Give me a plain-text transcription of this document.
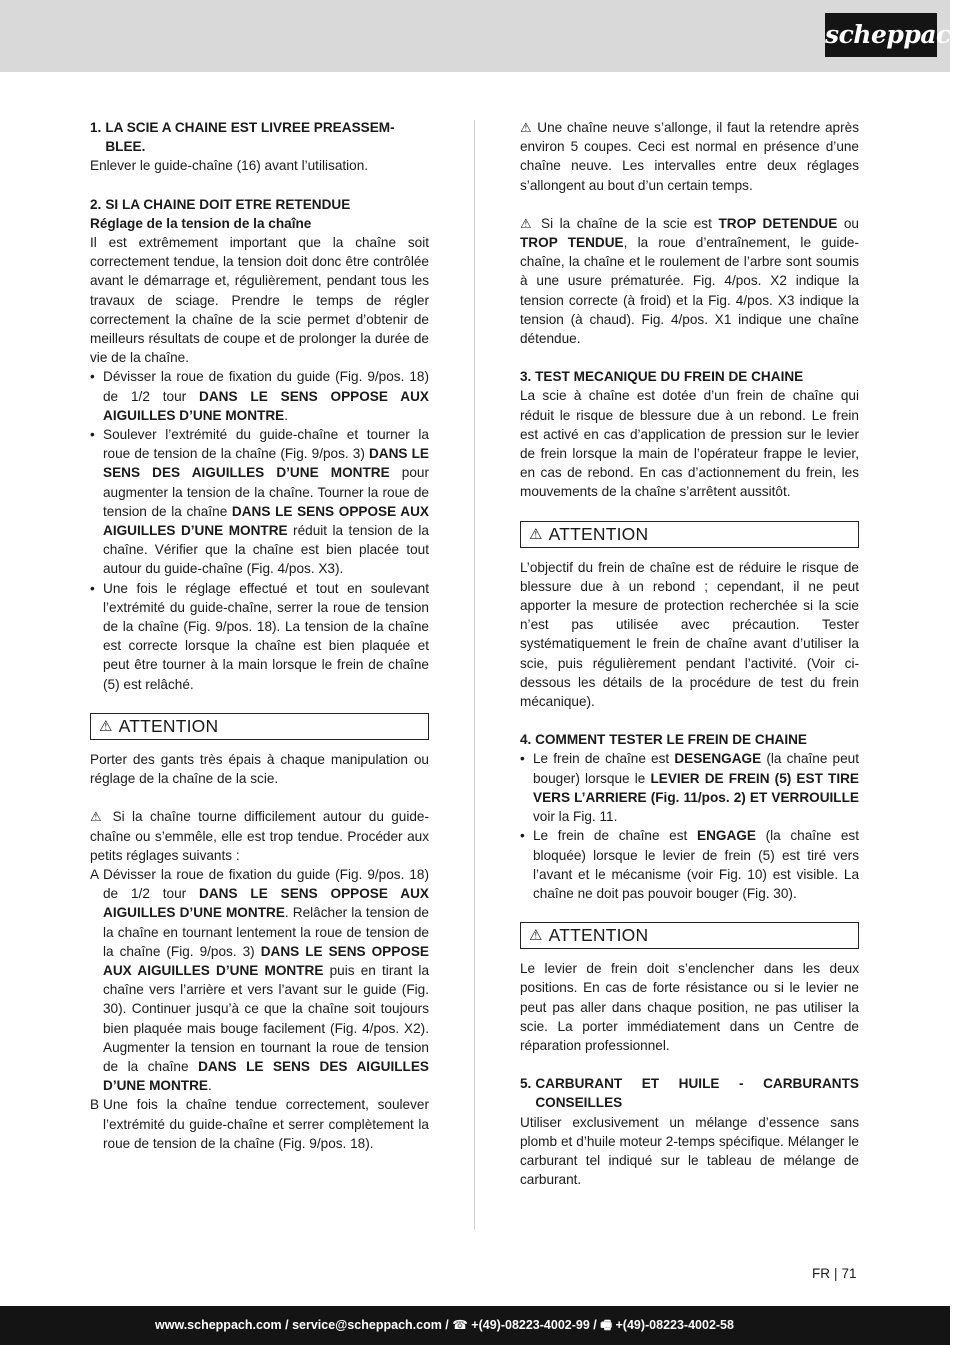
scheppach
1. LA SCIE A CHAINE EST LIVREE PREASSEM-BLEE.
Enlever le guide-chaîne (16) avant l’utilisation.
2. SI LA CHAINE DOIT ETRE RETENDUE
Réglage de la tension de la chaîne
Il est extrêmement important que la chaîne soit correctement tendue, la tension doit donc être contrôlée avant le démarrage et, régulièrement, pendant tous les travaux de sciage. Prendre le temps de régler correctement la chaîne de la scie permet d’obtenir de meilleurs résultats de coupe et de prolonger la durée de vie de la chaîne.
• Dévisser la roue de fixation du guide (Fig. 9/pos. 18) de 1/2 tour DANS LE SENS OPPOSE AUX AIGUILLES D’UNE MONTRE.
• Soulever l’extrémité du guide-chaîne et tourner la roue de tension de la chaîne (Fig. 9/pos. 3) DANS LE SENS DES AIGUILLES D’UNE MONTRE pour augmenter la tension de la chaîne. Tourner la roue de tension de la chaîne DANS LE SENS OPPOSE AUX AIGUILLES D’UNE MONTRE réduit la tension de la chaîne. Vérifier que la chaîne est bien placée tout autour du guide-chaîne (Fig. 4/pos. X3).
• Une fois le réglage effectué et tout en soulevant l’extrémité du guide-chaîne, serrer la roue de tension de la chaîne (Fig. 9/pos. 18). La tension de la chaîne est correcte lorsque la chaîne est bien plaquée et peut être tourner à la main lorsque le frein de chaîne (5) est relâché.
⚠ ATTENTION
Porter des gants très épais à chaque manipulation ou réglage de la chaîne de la scie.
⚠ Si la chaîne tourne difficilement autour du guide-chaîne ou s’emmêle, elle est trop tendue. Procéder aux petits réglages suivants :
A Dévisser la roue de fixation du guide (Fig. 9/pos. 18) de 1/2 tour DANS LE SENS OPPOSE AUX AIGUILLES D’UNE MONTRE. Relâcher la tension de la chaîne en tournant lentement la roue de tension de la chaîne (Fig. 9/pos. 3) DANS LE SENS OPPOSE AUX AIGUILLES D’UNE MONTRE puis en tirant la chaîne vers l’arrière et vers l’avant sur le guide (Fig. 30). Continuer jusqu’à ce que la chaîne soit toujours bien plaquée mais bouge facilement (Fig. 4/pos. X2). Augmenter la tension en tournant la roue de tension de la chaîne DANS LE SENS DES AIGUILLES D’UNE MONTRE.
B Une fois la chaîne tendue correctement, soulever l’extrémité du guide-chaîne et serrer complètement la roue de tension de la chaîne (Fig. 9/pos. 18).
⚠ Une chaîne neuve s’allonge, il faut la retendre après environ 5 coupes. Ceci est normal en présence d’une chaîne neuve. Les intervalles entre deux réglages s’allongent au bout d’un certain temps.
⚠ Si la chaîne de la scie est TROP DETENDUE ou TROP TENDUE, la roue d’entraînement, le guide-chaîne, la chaîne et le roulement de l’arbre sont soumis à une usure prématurée. Fig. 4/pos. X2 indique la tension correcte (à froid) et la Fig. 4/pos. X3 indique la tension (à chaud). Fig. 4/pos. X1 indique une chaîne détendue.
3. TEST MECANIQUE DU FREIN DE CHAINE
La scie à chaîne est dotée d’un frein de chaîne qui réduit le risque de blessure due à un rebond. Le frein est activé en cas d’application de pression sur le levier de frein lorsque la main de l’opérateur frappe le levier, en cas de rebond. En cas d’actionnement du frein, les mouvements de la chaîne s’arrêtent aussitôt.
⚠ ATTENTION
L’objectif du frein de chaîne est de réduire le risque de blessure due à un rebond ; cependant, il ne peut apporter la mesure de protection recherchée si la scie n’est pas utilisée avec précaution. Tester systématiquement le frein de chaîne avant d’utiliser la scie, puis régulièrement pendant l’activité. (Voir ci-dessous les détails de la procédure de test du frein mécanique).
4. COMMENT TESTER LE FREIN DE CHAINE
• Le frein de chaîne est DESENGAGE (la chaîne peut bouger) lorsque le LEVIER DE FREIN (5) EST TIRE VERS L’ARRIERE (Fig. 11/pos. 2) ET VERROUILLE voir la Fig. 11.
• Le frein de chaîne est ENGAGE (la chaîne est bloquée) lorsque le levier de frein (5) est tiré vers l’avant et le mécanisme (voir Fig. 10) est visible. La chaîne ne doit pas pouvoir bouger (Fig. 30).
⚠ ATTENTION
Le levier de frein doit s’enclencher dans les deux positions. En cas de forte résistance ou si le levier ne peut pas aller dans chaque position, ne pas utiliser la scie. La porter immédiatement dans un Centre de réparation professionnel.
5. CARBURANT ET HUILE - CARBURANTS CONSEILLES
Utiliser exclusivement un mélange d’essence sans plomb et d’huile moteur 2-temps spécifique. Mélanger le carburant tel indiqué sur le tableau de mélange de carburant.
FR | 71
www.scheppach.com / service@scheppach.com / ☎ +(49)-08223-4002-99 / 🖷 +(49)-08223-4002-58
